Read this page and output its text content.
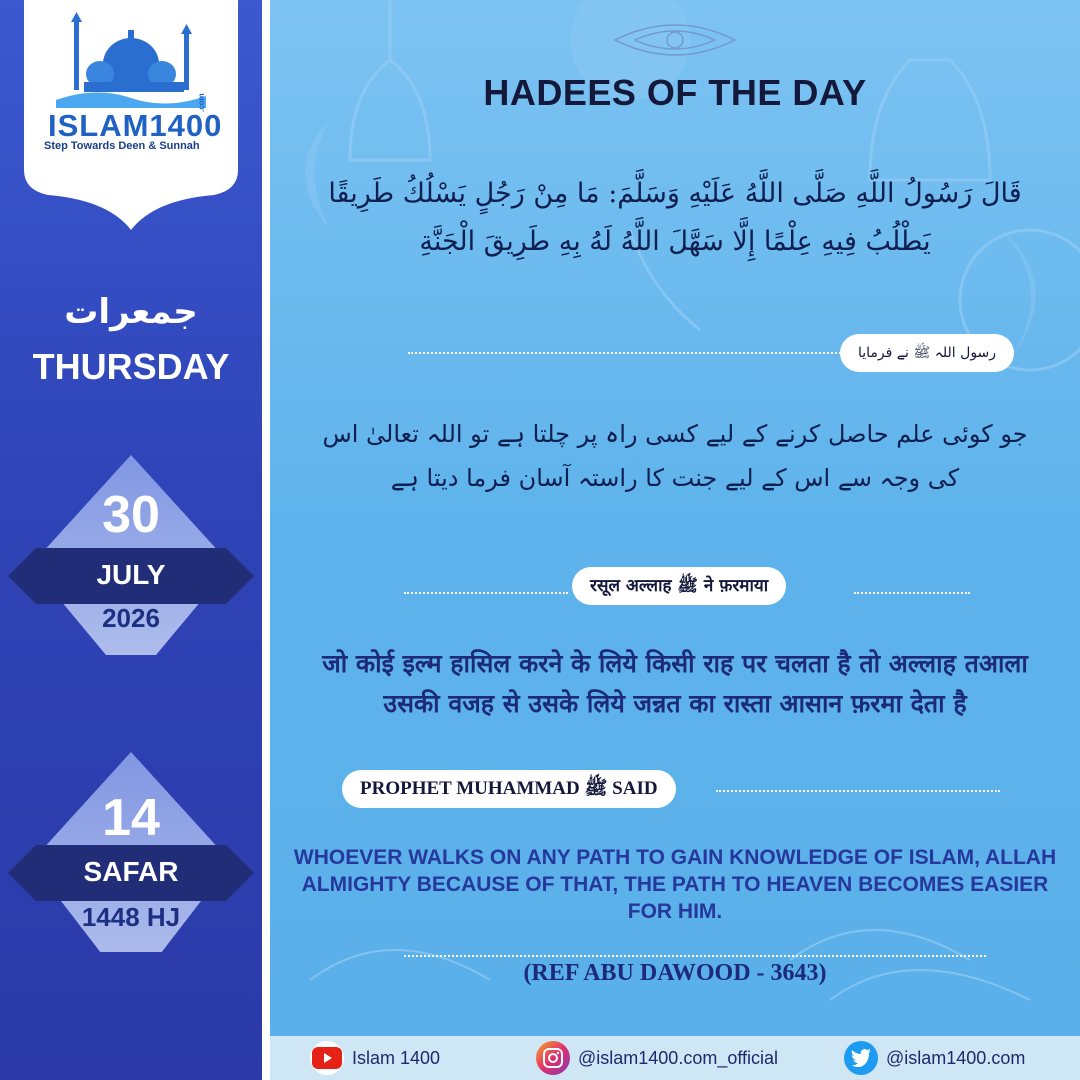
ISLAM1400
.com
Step Towards Deen & Sunnah
جمعرات
THURSDAY
30
JULY
2026
14
SAFAR
1448 HJ
HADEES OF THE DAY
قَالَ رَسُولُ اللَّهِ صَلَّى اللَّهُ عَلَيْهِ وَسَلَّمَ: مَا مِنْ رَجُلٍ يَسْلُكُ طَرِيقًا يَطْلُبُ فِيهِ عِلْمًا إِلَّا سَهَّلَ اللَّهُ لَهُ بِهِ طَرِيقَ الْجَنَّةِ
رسول اللہ ﷺ نے فرمایا
جو کوئی علم حاصل کرنے کے لیے کسی راہ پر چلتا ہے تو اللہ تعالیٰ اس کی وجہ سے اس کے لیے جنت کا راستہ آسان فرما دیتا ہے
रसूल अल्लाह ﷺ ने फ़रमाया
जो कोई इल्म हासिल करने के लिये किसी राह पर चलता है तो अल्लाह तआला उसकी वजह से उसके लिये जन्नत का रास्ता आसान फ़रमा देता है
PROPHET MUHAMMAD ﷺ SAID
WHOEVER WALKS ON ANY PATH TO GAIN KNOWLEDGE OF ISLAM, ALLAH ALMIGHTY BECAUSE OF THAT, THE PATH TO HEAVEN BECOMES EASIER FOR HIM.
(REF ABU DAWOOD - 3643)
Islam 1400	@islam1400.com_official	@islam1400.com
